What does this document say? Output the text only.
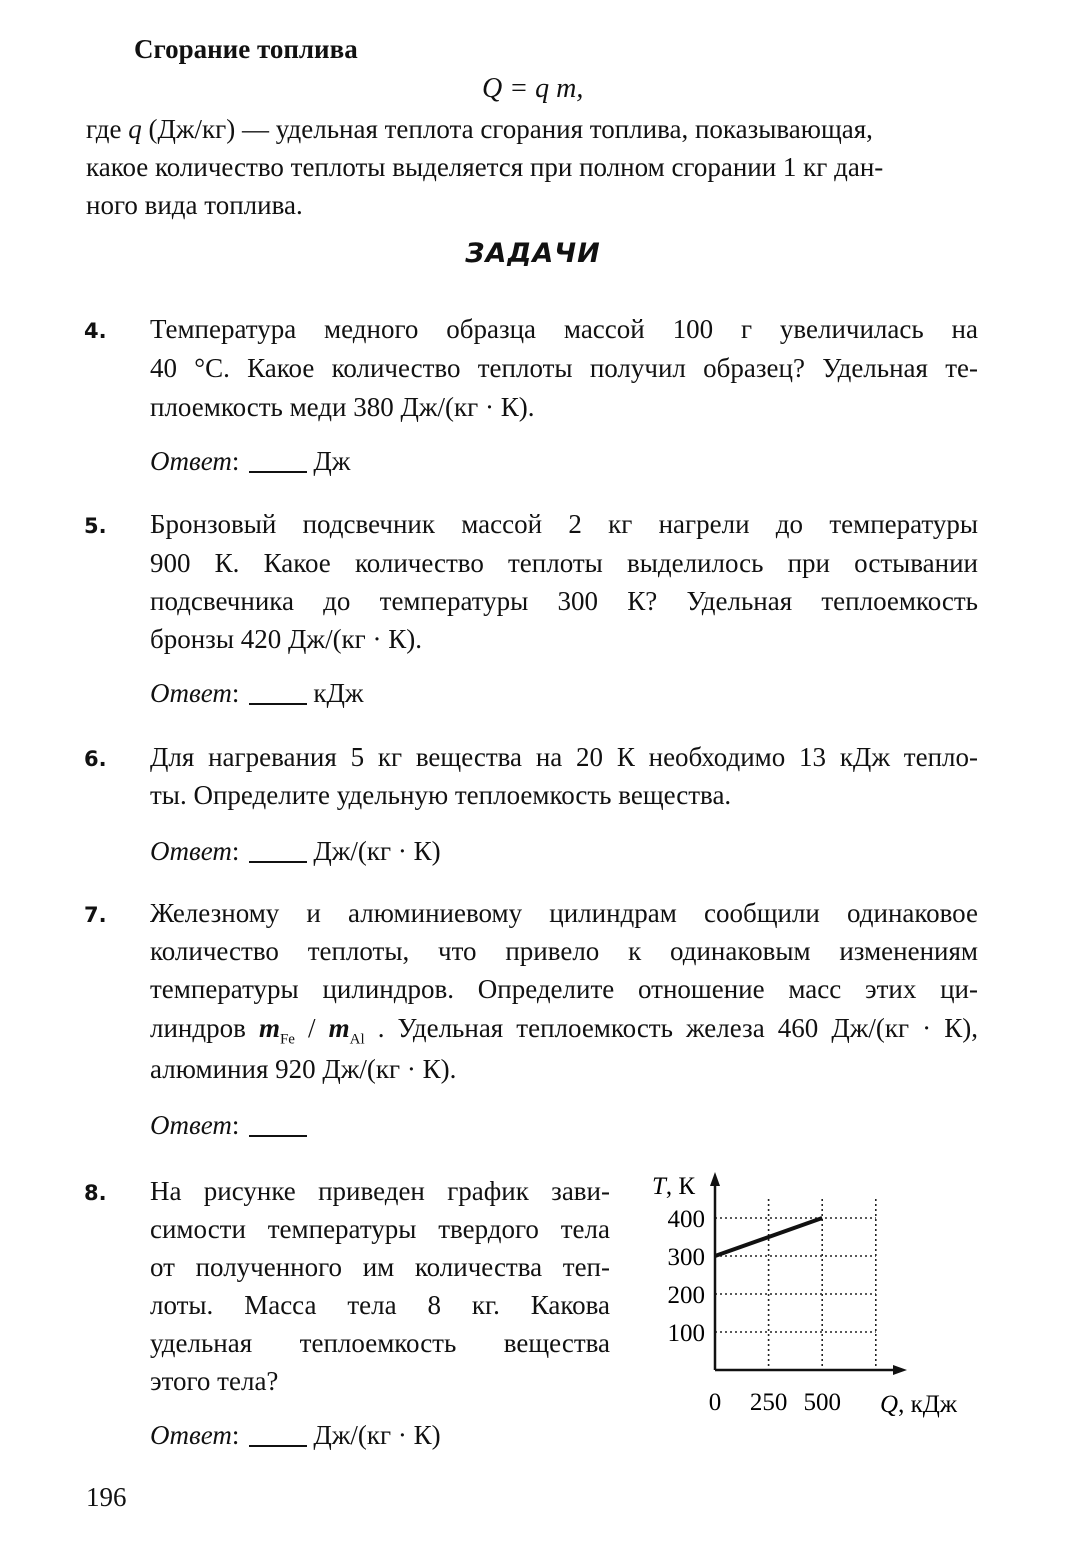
Сгорание топлива
Q = q m,
где q (Дж/кг) — удельная теплота сгорания топлива, показывающая,
какое количество теплоты выделяется при полном сгорании 1 кг дан-
ного вида топлива.
ЗАДАЧИ
4. Температура медного образца массой 100 г увеличилась на
40 °С. Какое количество теплоты получил образец? Удельная те-
плоемкость меди 380 Дж/(кг · К).
Ответ:	Дж
5. Бронзовый подсвечник массой 2 кг нагрели до температуры
900 К. Какое количество теплоты выделилось при остывании
подсвечника до температуры 300 К? Удельная теплоемкость
бронзы 420 Дж/(кг · К).
Ответ:	кДж
6. Для нагревания 5 кг вещества на 20 К необходимо 13 кДж тепло-
ты. Определите удельную теплоемкость вещества.
Ответ:	Дж/(кг · К)
7. Железному и алюминиевому цилиндрам сообщили одинаковое
количество теплоты, что привело к одинаковым изменениям
температуры цилиндров. Определите отношение масс этих ци-
линдров $m_{Fe} / m_{Al}$ . Удельная теплоемкость железа 460 Дж/(кг · К),
алюминия 920 Дж/(кг · К).
Ответ:
8. На рисунке приведен график зави-
симости температуры твердого тела
от полученного им количества теп-
лоты. Масса тела 8 кг. Какова
удельная теплоемкость вещества
этого тела?
Ответ:	Дж/(кг · К)
100
200
300
400
0 250 500
T, К
Q, кДж
196
